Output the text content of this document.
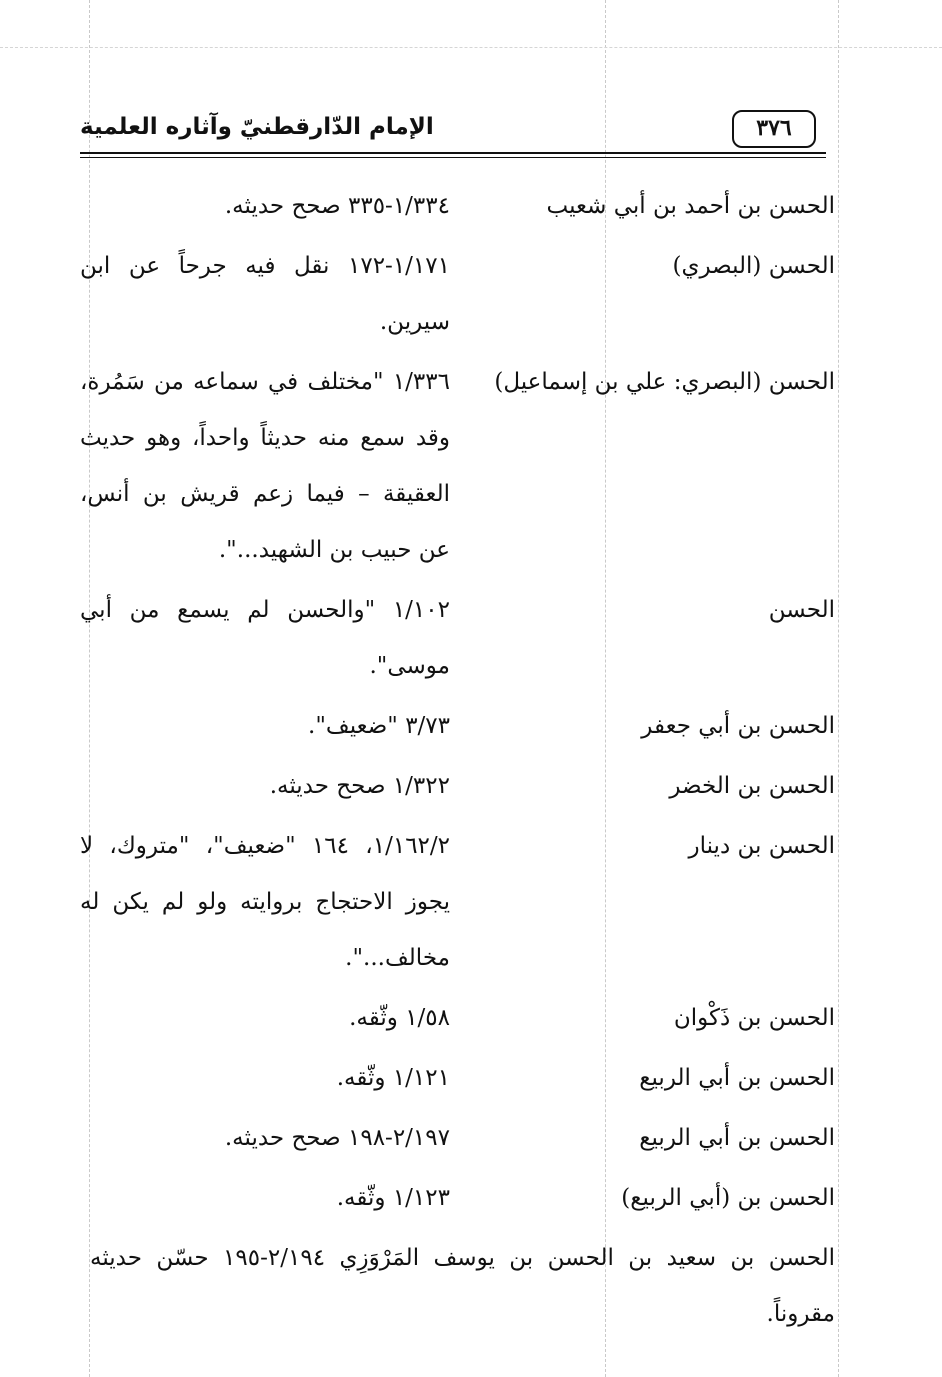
٣٧٦
الإمام الدّارقطنيّ وآثاره العلمية
الحسن بن أحمد بن أبي شعيب
١/٣٣٤-٣٣٥ صحح حديثه.
الحسن (البصري)
١/١٧١-١٧٢ نقل فيه جرحاً عن ابن سيرين.
الحسن (البصري: علي بن إسماعيل)
١/٣٣٦ "مختلف في سماعه من سَمُرة، وقد سمع منه حديثاً واحداً، وهو حديث العقيقة – فيما زعم قريش بن أنس، عن حبيب بن الشهيد...".
الحسن
١/١٠٢ "والحسن لم يسمع من أبي موسى".
الحسن بن أبي جعفر
٣/٧٣ "ضعيف".
الحسن بن الخضر
١/٣٢٢ صحح حديثه.
الحسن بن دينار
١/١٦٢/٢، ١٦٤ "ضعيف"، "متروك، لا يجوز الاحتجاج بروايته ولو لم يكن له مخالف...".
الحسن بن ذَكْوان
١/٥٨ وثّقه.
الحسن بن أبي الربيع
١/١٢١ وثّقه.
الحسن بن أبي الربيع
٢/١٩٧-١٩٨ صحح حديثه.
الحسن بن (أبي الربيع)
١/١٢٣ وثّقه.
الحسن بن سعيد بن الحسن بن يوسف المَرْوَزِي ٢/١٩٤-١٩٥ حسّن حديثه مقروناً.
